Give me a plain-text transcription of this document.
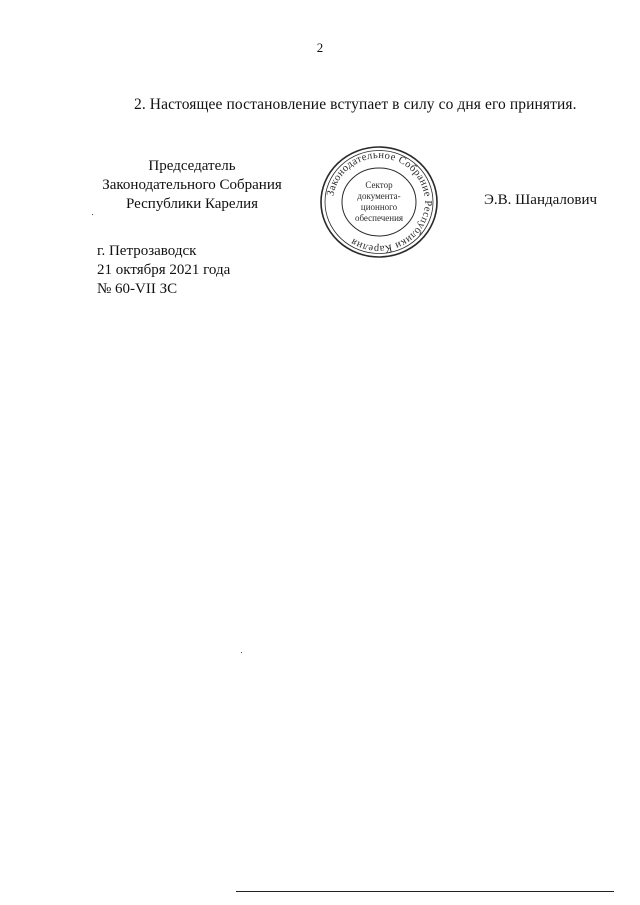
2
2. Настоящее постановление вступает в силу со дня его принятия.
Председатель
Законодательного Собрания
Республики Карелия
Законодательное Собрание Республики Карелия
Сектор
документа-
ционного
обеспечения
Э.В. Шандалович
г. Петрозаводск
21 октября 2021 года
№ 60-VII ЗС
